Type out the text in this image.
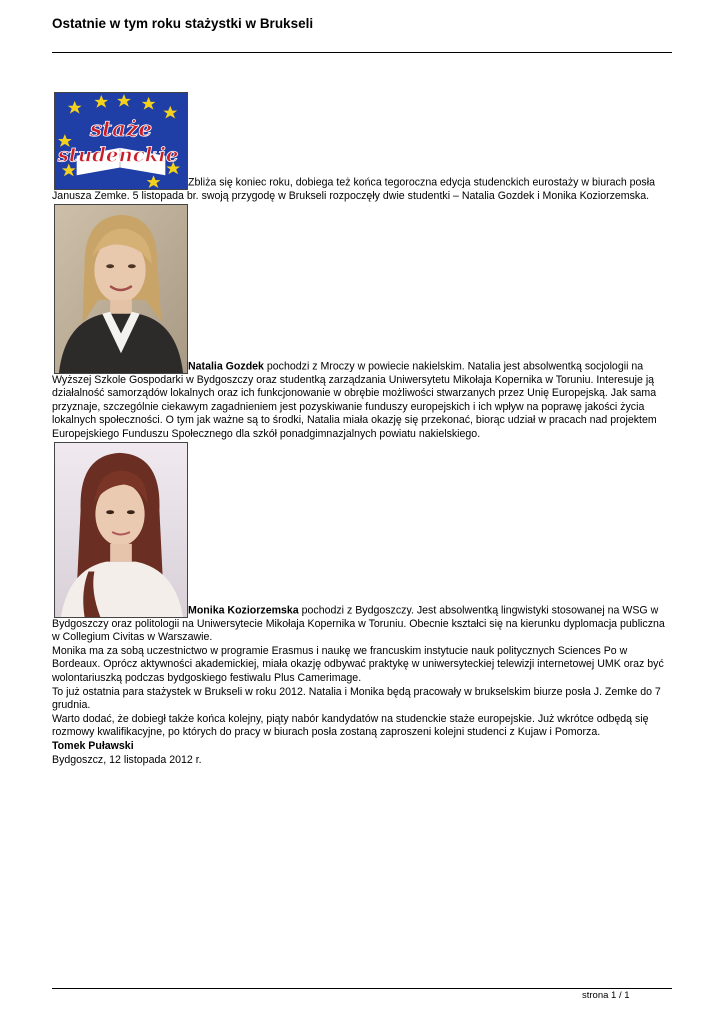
Ostatnie w tym roku stażystki w Brukseli

staże
studenckie
Zbliża się koniec roku, dobiega też końca tegoroczna edycja studenckich eurostaży w biurach posła Janusza Zemke. 5 listopada br. swoją przygodę w Brukseli rozpoczęły dwie studentki – Natalia Gozdek i Monika Koziorzemska.

Natalia Gozdek pochodzi z Mroczy w powiecie nakielskim. Natalia jest absolwentką socjologii na Wyższej Szkole Gospodarki w Bydgoszczy oraz studentką zarządzania Uniwersytetu Mikołaja Kopernika w Toruniu. Interesuje ją działalność samorządów lokalnych oraz ich funkcjonowanie w obrębie możliwości stwarzanych przez Unię Europejską. Jak sama przyznaje, szczególnie ciekawym zagadnieniem jest pozyskiwanie funduszy europejskich i ich wpływ na poprawę jakości życia lokalnych społeczności. O tym jak ważne są to środki, Natalia miała okazję się przekonać, biorąc udział w pracach nad projektem Europejskiego Funduszu Społecznego dla szkół ponadgimnazjalnych powiatu nakielskiego.

Monika Koziorzemska pochodzi z Bydgoszczy. Jest absolwentką lingwistyki stosowanej na WSG w Bydgoszczy oraz politologii na Uniwersytecie Mikołaja Kopernika w Toruniu. Obecnie kształci się na kierunku dyplomacja publiczna w Collegium Civitas w Warszawie.

Monika ma za sobą uczestnictwo w programie Erasmus i naukę we francuskim instytucie nauk politycznych Sciences Po w Bordeaux. Oprócz aktywności akademickiej, miała okazję odbywać praktykę w uniwersyteckiej telewizji internetowej UMK oraz być wolontariuszką podczas bydgoskiego festiwalu Plus Camerimage.

To już ostatnia para stażystek w Brukseli w roku 2012. Natalia i Monika będą pracowały w brukselskim biurze posła J. Zemke do 7 grudnia.

Warto dodać, że dobiegł także końca kolejny, piąty nabór kandydatów na studenckie staże europejskie. Już wkrótce odbędą się rozmowy kwalifikacyjne, po których do pracy w biurach posła zostaną zaproszeni kolejni studenci z Kujaw i Pomorza.

Tomek Puławski

Bydgoszcz, 12 listopada 2012 r.

strona 1 / 1
